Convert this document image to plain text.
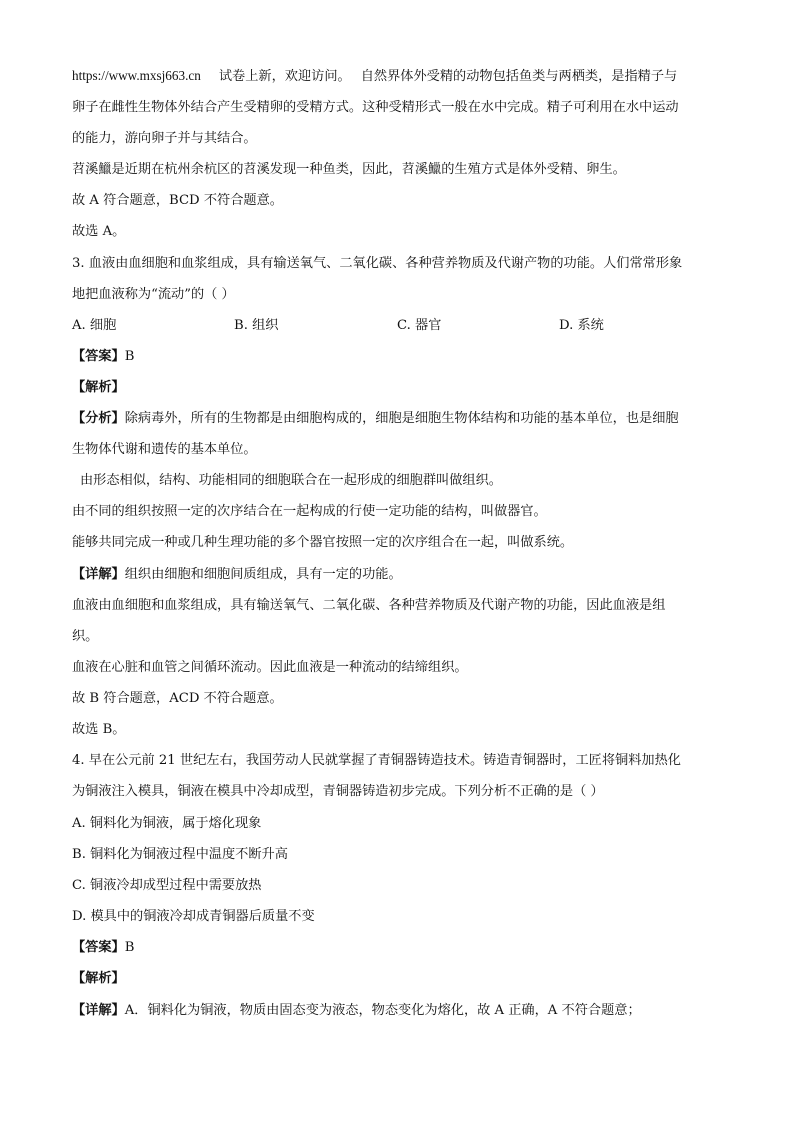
https://www.mxsj663.cn 试卷上新，欢迎访问。 自然界体外受精的动物包括鱼类与两栖类，是指精子与
卵子在雌性生物体外结合产生受精卵的受精方式。这种受精形式一般在水中完成。精子可利用在水中运动
的能力，游向卵子并与其结合。
苕溪鱲是近期在杭州余杭区的苕溪发现一种鱼类，因此，苕溪鱲的生殖方式是体外受精、卵生。
故 A 符合题意，BCD 不符合题意。
故选 A。
3. 血液由血细胞和血浆组成，具有输送氧气、二氧化碳、各种营养物质及代谢产物的功能。人们常常形象
地把血液称为“流动”的（ ）
A. 细胞	B. 组织	C. 器官	D. 系统
【答案】B
【解析】
【分析】除病毒外，所有的生物都是由细胞构成的，细胞是细胞生物体结构和功能的基本单位，也是细胞
生物体代谢和遗传的基本单位。
由形态相似，结构、功能相同的细胞联合在一起形成的细胞群叫做组织。
由不同的组织按照一定的次序结合在一起构成的行使一定功能的结构，叫做器官。
能够共同完成一种或几种生理功能的多个器官按照一定的次序组合在一起，叫做系统。
【详解】组织由细胞和细胞间质组成，具有一定的功能。
血液由血细胞和血浆组成，具有输送氧气、二氧化碳、各种营养物质及代谢产物的功能，因此血液是组
织。
血液在心脏和血管之间循环流动。因此血液是一种流动的结缔组织。
故 B 符合题意，ACD 不符合题意。
故选 B。
4. 早在公元前 21 世纪左右，我国劳动人民就掌握了青铜器铸造技术。铸造青铜器时，工匠将铜料加热化
为铜液注入模具，铜液在模具中冷却成型，青铜器铸造初步完成。下列分析不正确的是（ ）
A. 铜料化为铜液，属于熔化现象
B. 铜料化为铜液过程中温度不断升高
C. 铜液冷却成型过程中需要放热
D. 模具中的铜液冷却成青铜器后质量不变
【答案】B
【解析】
【详解】A．铜料化为铜液，物质由固态变为液态，物态变化为熔化，故 A 正确，A 不符合题意；
